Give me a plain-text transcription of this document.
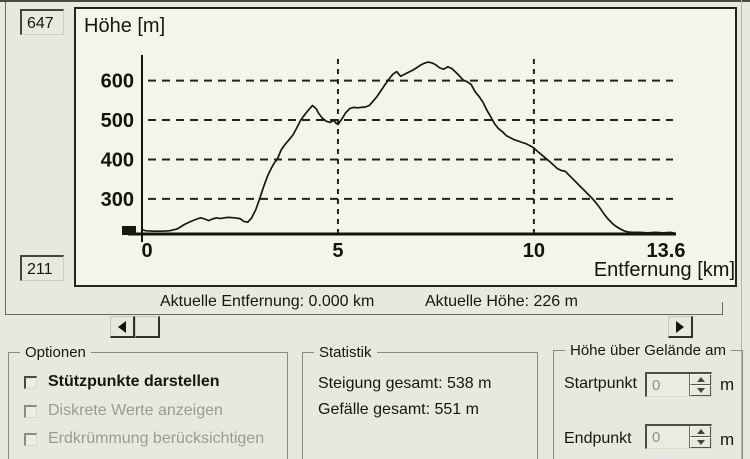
647
211
Höhe [m]
300
400
500
600
0	5	10	13.6
Entfernung [km]
Aktuelle Entfernung: 0.000 km	Aktuelle Höhe: 226 m
Optionen
Stützpunkte darstellen
Diskrete Werte anzeigen
Erdkrümmung berücksichtigen
Statistik
Steigung gesamt: 538 m
Gefälle gesamt: 551 m
Höhe über Gelände am
Startpunkt	0	m
Endpunkt	0	m
